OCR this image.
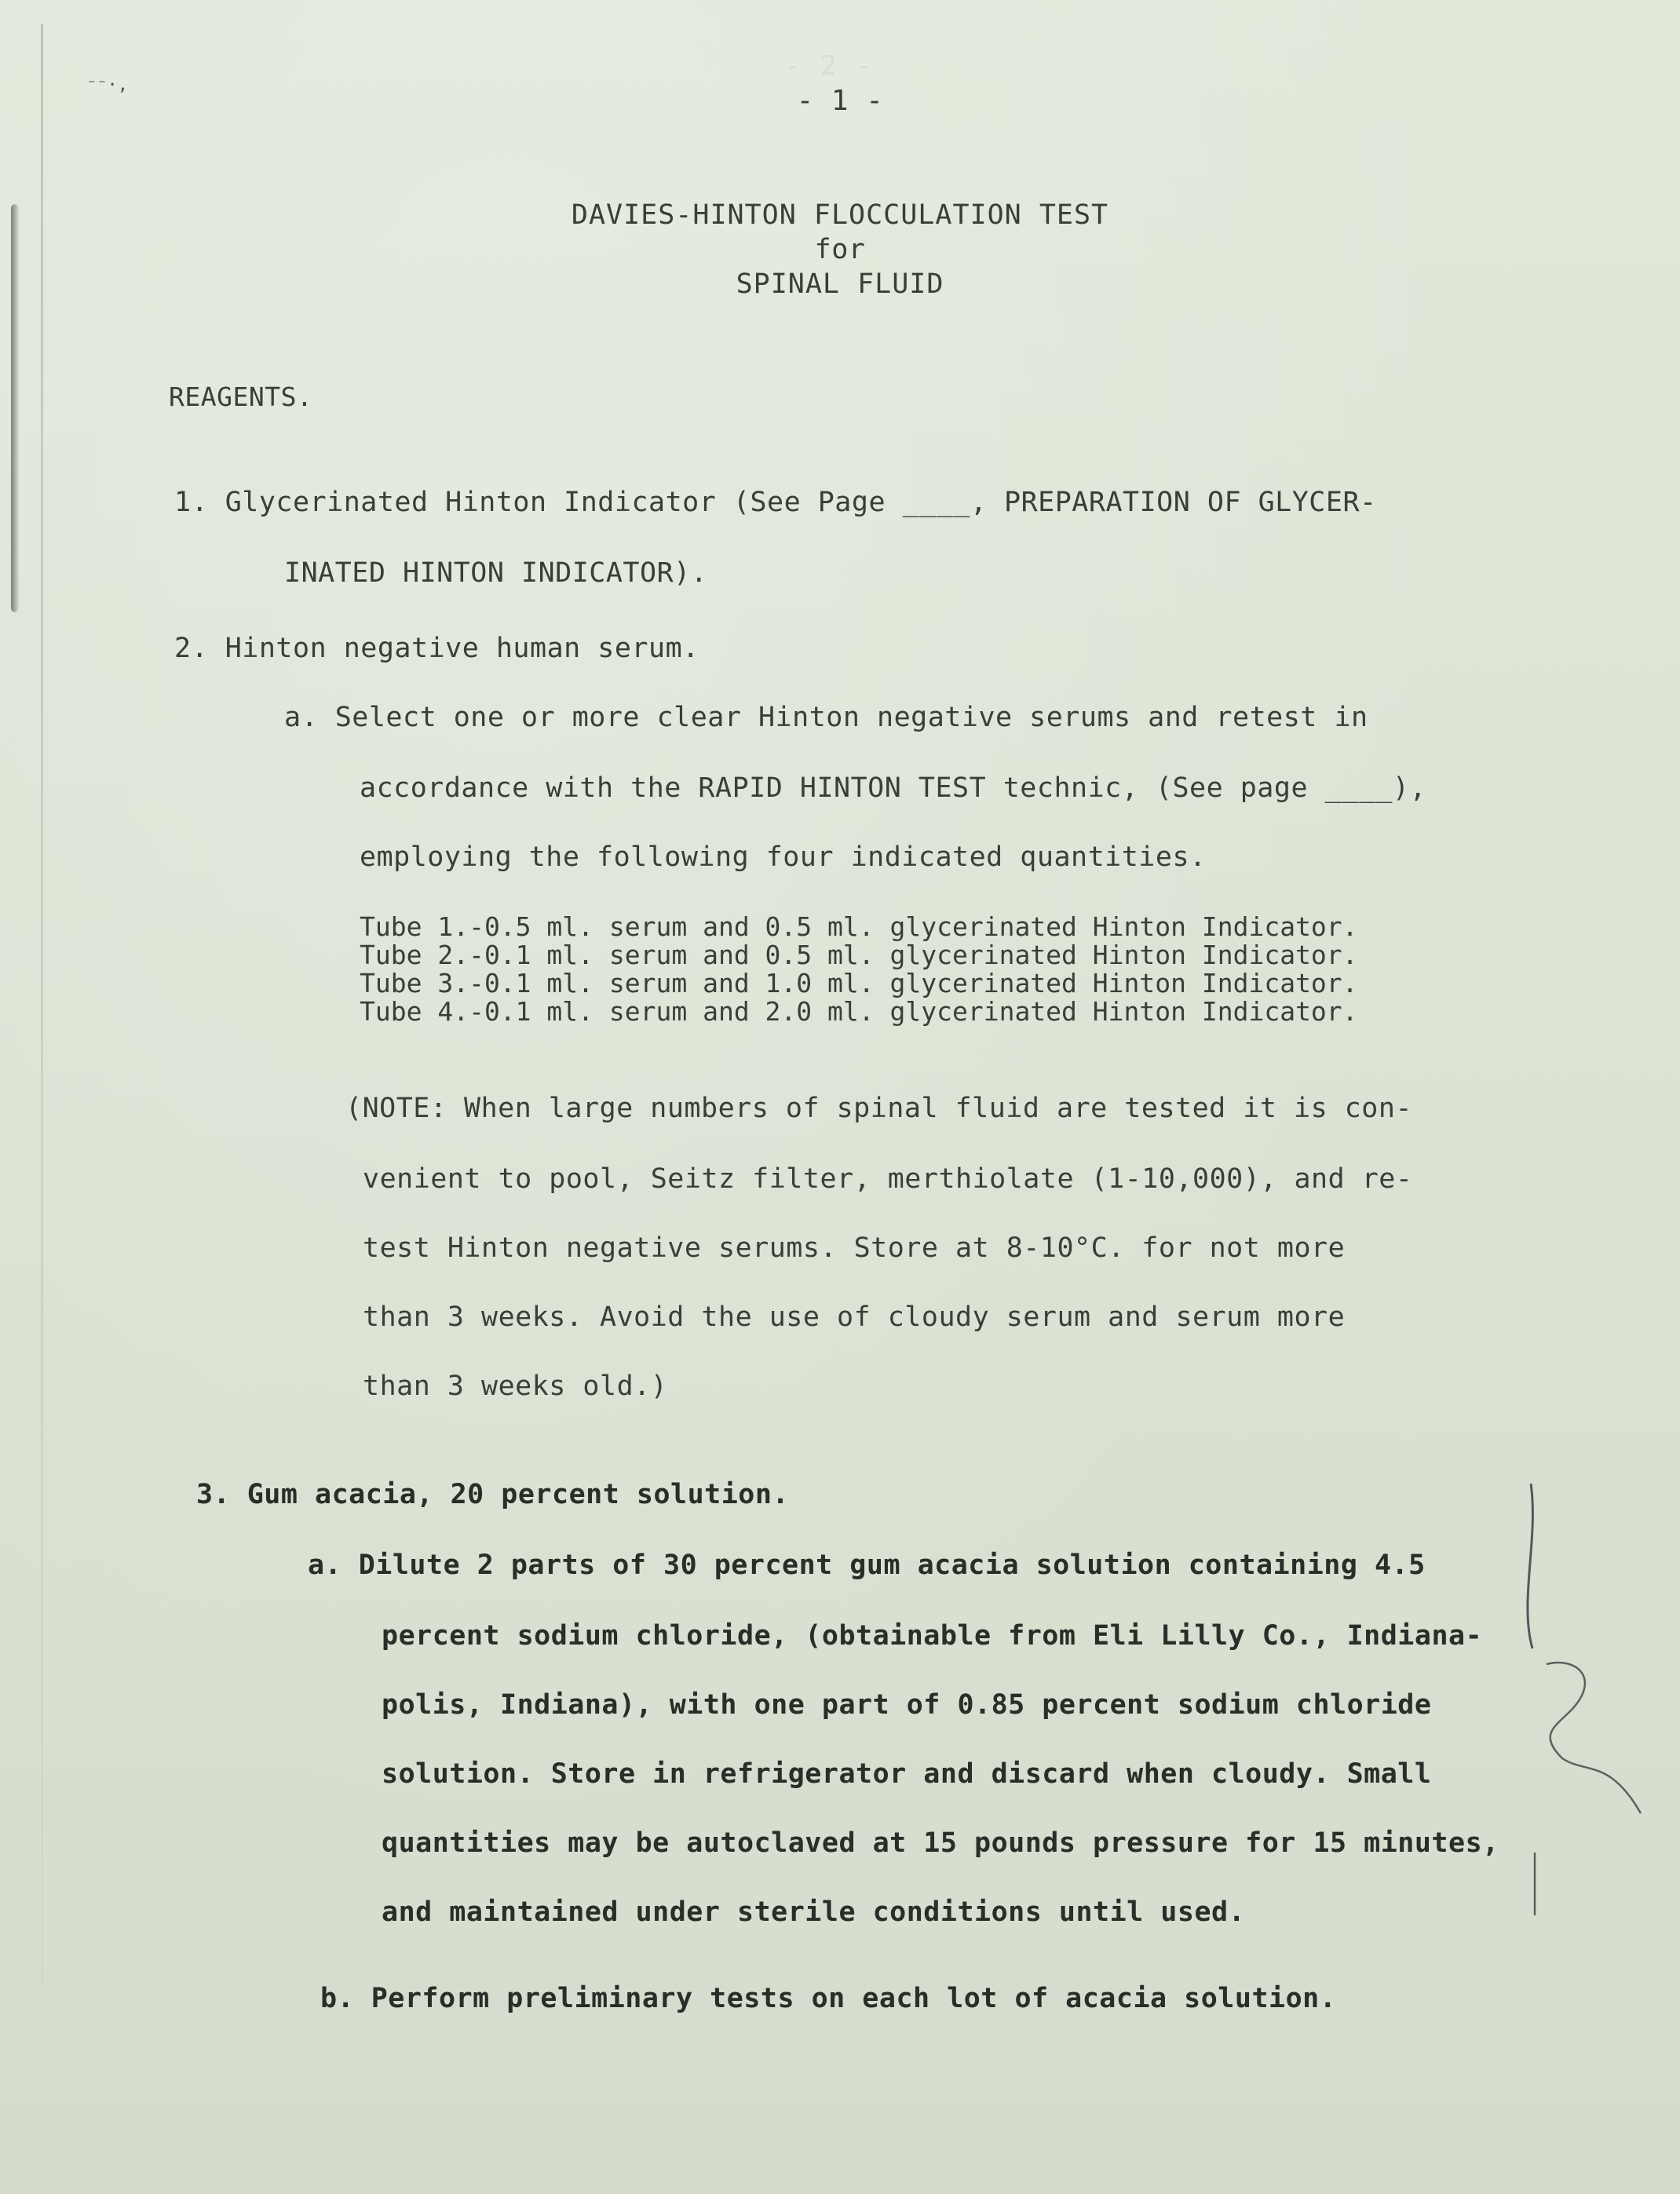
⁻⁻·,
- 2 -
- 1 -
DAVIES-HINTON FLOCCULATION TEST
for
SPINAL FLUID
REAGENTS.
1. Glycerinated Hinton Indicator (See Page ____, PREPARATION OF GLYCER-
INATED HINTON INDICATOR).
2. Hinton negative human serum.
a. Select one or more clear Hinton negative serums and retest in
accordance with the RAPID HINTON TEST technic, (See page ____),
employing the following four indicated quantities.
Tube 1.-0.5 ml. serum and 0.5 ml. glycerinated Hinton Indicator.
Tube 2.-0.1 ml. serum and 0.5 ml. glycerinated Hinton Indicator.
Tube 3.-0.1 ml. serum and 1.0 ml. glycerinated Hinton Indicator.
Tube 4.-0.1 ml. serum and 2.0 ml. glycerinated Hinton Indicator.
(NOTE: When large numbers of spinal fluid are tested it is con-
venient to pool, Seitz filter, merthiolate (1-10,000), and re-
test Hinton negative serums. Store at 8-10°C. for not more
than 3 weeks. Avoid the use of cloudy serum and serum more
than 3 weeks old.)
3. Gum acacia, 20 percent solution.
a. Dilute 2 parts of 30 percent gum acacia solution containing 4.5
percent sodium chloride, (obtainable from Eli Lilly Co., Indiana-
polis, Indiana), with one part of 0.85 percent sodium chloride
solution. Store in refrigerator and discard when cloudy. Small
quantities may be autoclaved at 15 pounds pressure for 15 minutes,
and maintained under sterile conditions until used.
b. Perform preliminary tests on each lot of acacia solution.
